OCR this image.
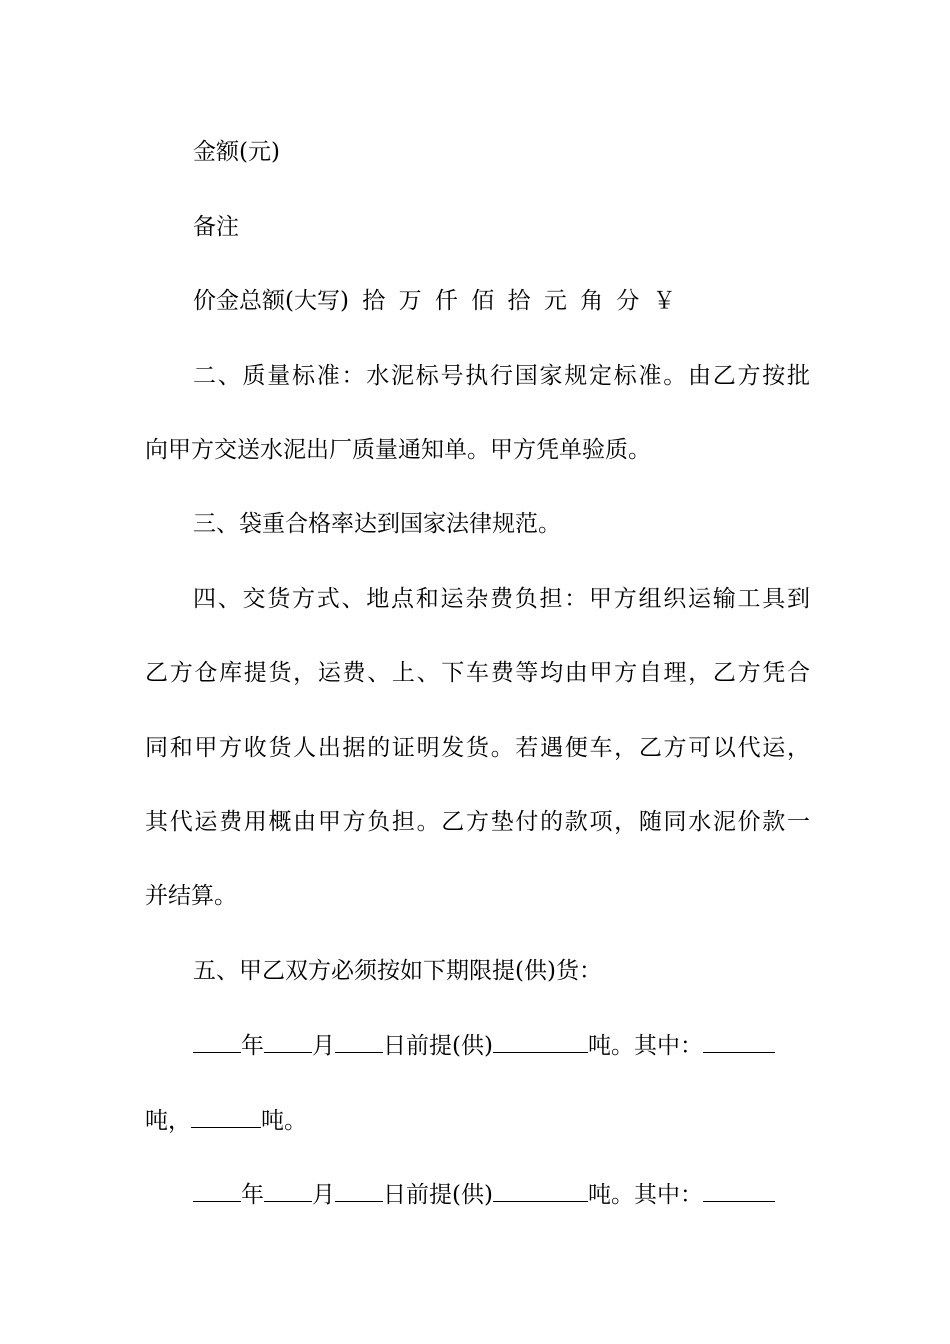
金额(元)
备注
价金总额(大写) 拾 万 仟 佰 拾 元 角 分 ￥
二、质量标准：水泥标号执行国家规定标准。由乙方按批
向甲方交送水泥出厂质量通知单。甲方凭单验质。
三、袋重合格率达到国家法律规范。
四、交货方式、地点和运杂费负担：甲方组织运输工具到
乙方仓库提货，运费、上、下车费等均由甲方自理，乙方凭合
同和甲方收货人出据的证明发货。若遇便车，乙方可以代运，
其代运费用概由甲方负担。乙方垫付的款项，随同水泥价款一
并结算。
五、甲乙双方必须按如下期限提(供)货：
年 月 日前提(供)	吨。其中：
吨，	吨。
年 月 日前提(供)	吨。其中：
